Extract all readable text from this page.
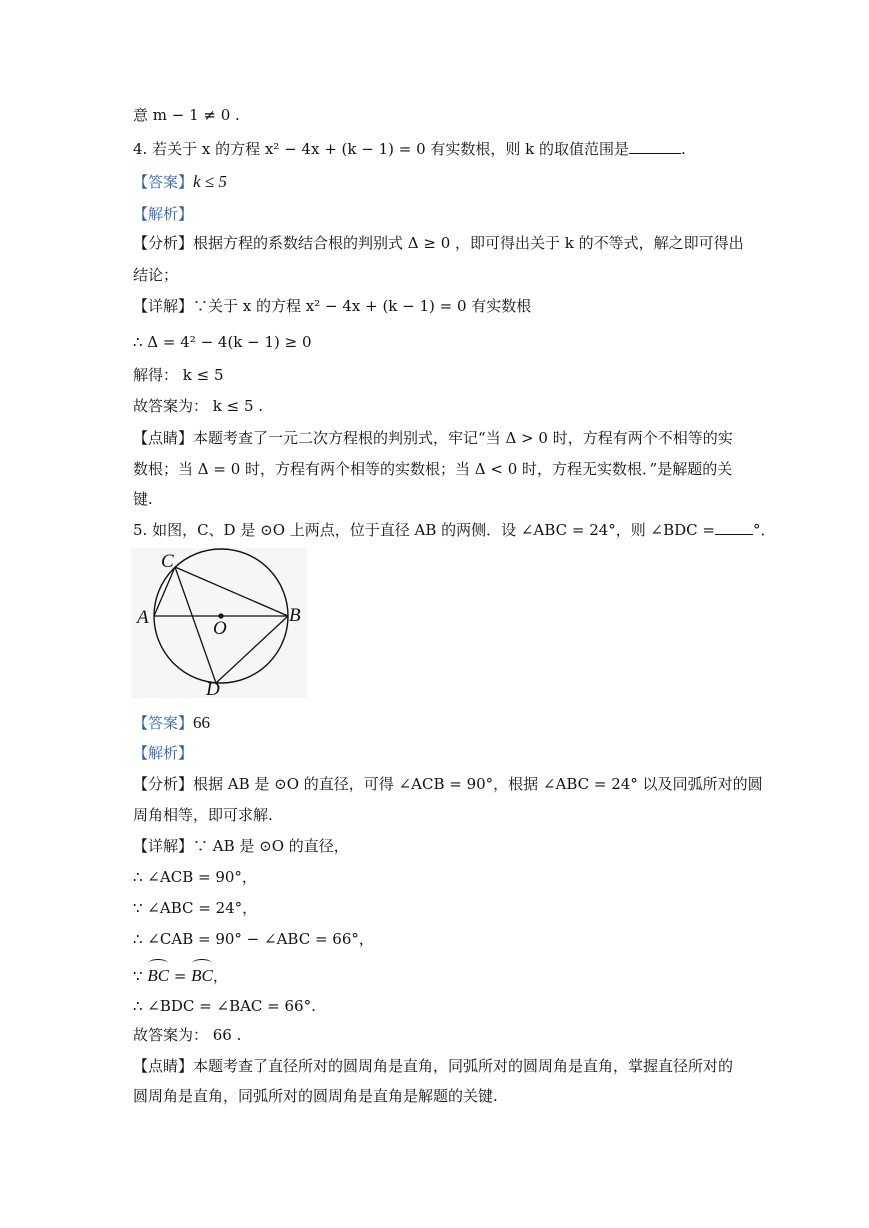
意 m − 1 ≠ 0 .
4. 若关于 x 的方程 x² − 4x + (k − 1) = 0 有实数根，则 k 的取值范围是	.
【答案】k ≤ 5
【解析】
【分析】根据方程的系数结合根的判别式 Δ ≥ 0 ，即可得出关于 k 的不等式，解之即可得出
结论；
【详解】∵关于 x 的方程 x² − 4x + (k − 1) = 0 有实数根
∴ Δ = 4² − 4(k − 1) ≥ 0
解得： k ≤ 5
故答案为： k ≤ 5 .
【点睛】本题考查了一元二次方程根的判别式，牢记“当 Δ > 0 时，方程有两个不相等的实
数根；当 Δ = 0 时，方程有两个相等的实数根；当 Δ < 0 时，方程无实数根．”是解题的关
键.
5. 如图，C、D 是 ⊙O 上两点，位于直径 AB 的两侧．设 ∠ABC = 24°，则 ∠BDC =	°．
A	B
C
D
O
【答案】66
【解析】
【分析】根据 AB 是 ⊙O 的直径，可得 ∠ACB = 90°，根据 ∠ABC = 24° 以及同弧所对的圆
周角相等，即可求解.
【详解】∵ AB 是 ⊙O 的直径，
∴ ∠ACB = 90°，
∵ ∠ABC = 24°，
∴ ∠CAB = 90° − ∠ABC = 66°，
∵ BC = BC，
∴ ∠BDC = ∠BAC = 66°.
故答案为： 66 .
【点睛】本题考查了直径所对的圆周角是直角，同弧所对的圆周角是直角，掌握直径所对的
圆周角是直角，同弧所对的圆周角是直角是解题的关键.
